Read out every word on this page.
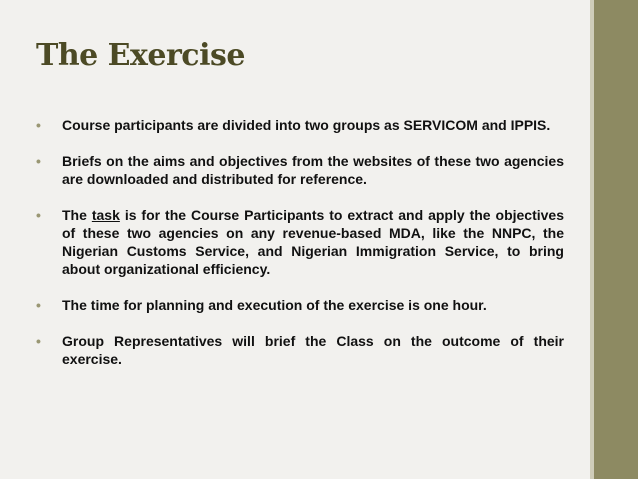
The Exercise
• Course participants are divided into two groups as SERVICOM and IPPIS.
• Briefs on the aims and objectives from the websites of these two agencies are downloaded and distributed for reference.
• The task is for the Course Participants to extract and apply the objectives of these two agencies on any revenue-based MDA, like the NNPC, the Nigerian Customs Service, and Nigerian Immigration Service, to bring about organizational efficiency.
• The time for planning and execution of the exercise is one hour.
• Group Representatives will brief the Class on the outcome of their exercise.
